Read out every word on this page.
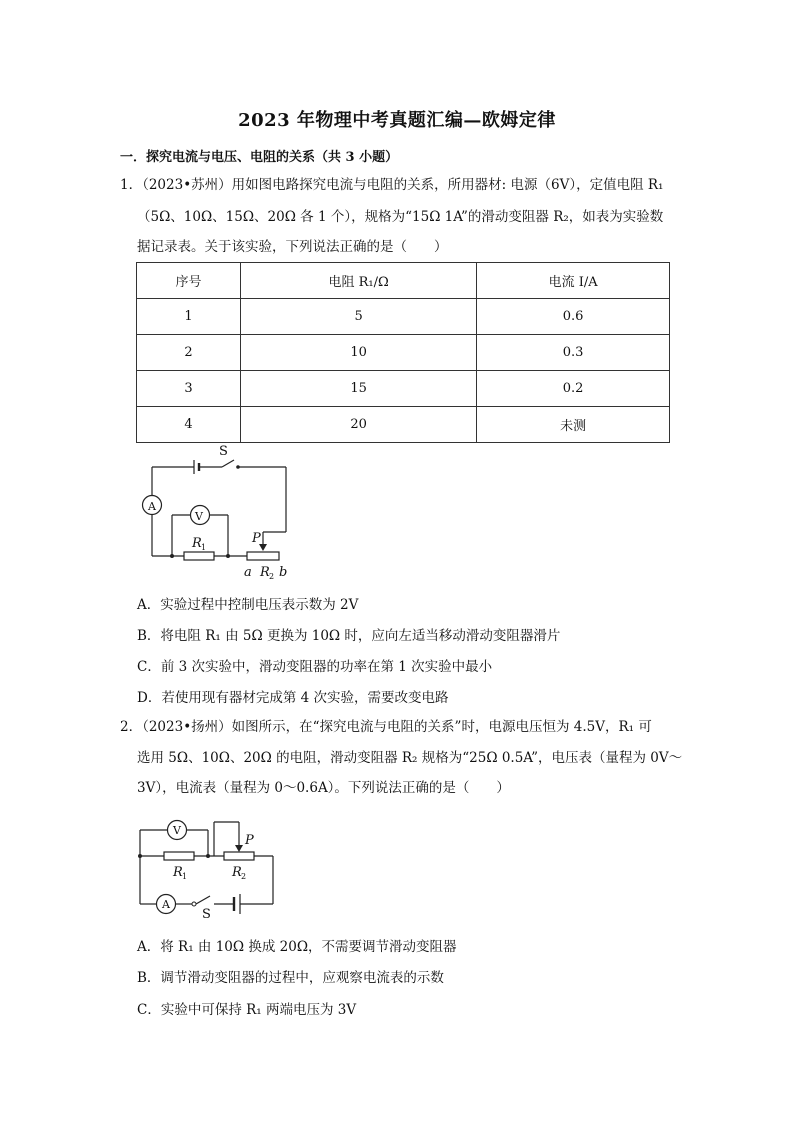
2023 年物理中考真题汇编—欧姆定律
一．探究电流与电压、电阻的关系（共 3 小题）
1．（2023•苏州）用如图电路探究电流与电阻的关系，所用器材: 电源（6V），定值电阻 R₁
（5Ω、10Ω、15Ω、20Ω 各 1 个），规格为“15Ω 1A”的滑动变阻器 R₂，如表为实验数
据记录表。关于该实验，下列说法正确的是（　　）
序号	电阻 R₁/Ω	电流 I/A
1	5	0.6
2	10	0.3
3	15	0.2
4	20	未测
S
A
V
R 1
P
a R 2 b
A．实验过程中控制电压表示数为 2V
B．将电阻 R₁ 由 5Ω 更换为 10Ω 时，应向左适当移动滑动变阻器滑片
C．前 3 次实验中，滑动变阻器的功率在第 1 次实验中最小
D．若使用现有器材完成第 4 次实验，需要改变电路
2．（2023•扬州）如图所示，在“探究电流与电阻的关系”时，电源电压恒为 4.5V，R₁ 可
选用 5Ω、10Ω、20Ω 的电阻，滑动变阻器 R₂ 规格为“25Ω 0.5A”，电压表（量程为 0V～
3V），电流表（量程为 0～0.6A）。下列说法正确的是（　　）
V
A
P
R 1	R 2
S
A．将 R₁ 由 10Ω 换成 20Ω，不需要调节滑动变阻器
B．调节滑动变阻器的过程中，应观察电流表的示数
C．实验中可保持 R₁ 两端电压为 3V
